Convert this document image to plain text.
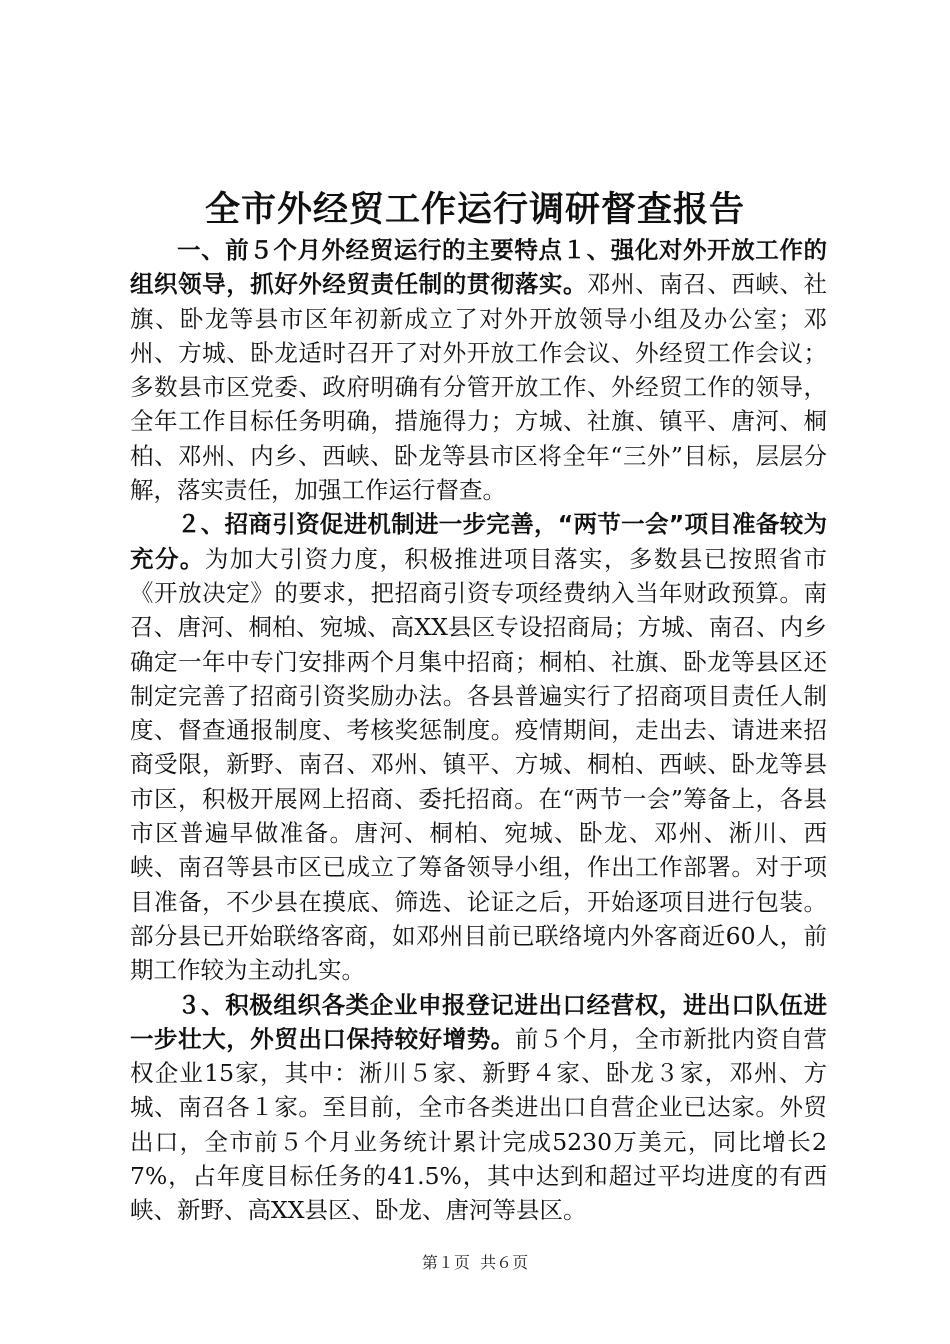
全市外经贸工作运行调研督查报告

一、前５个月外经贸运行的主要特点１、强化对外开放工作的组织领导，抓好外经贸责任制的贯彻落实。邓州、南召、西峡、社旗、卧龙等县市区年初新成立了对外开放领导小组及办公室；邓州、方城、卧龙适时召开了对外开放工作会议、外经贸工作会议；多数县市区党委、政府明确有分管开放工作、外经贸工作的领导，全年工作目标任务明确，措施得力；方城、社旗、镇平、唐河、桐柏、邓州、内乡、西峡、卧龙等县市区将全年“三外”目标，层层分解，落实责任，加强工作运行督查。

２、招商引资促进机制进一步完善，“两节一会”项目准备较为充分。为加大引资力度，积极推进项目落实，多数县已按照省市《开放决定》的要求，把招商引资专项经费纳入当年财政预算。南召、唐河、桐柏、宛城、高XX县区专设招商局；方城、南召、内乡确定一年中专门安排两个月集中招商；桐柏、社旗、卧龙等县区还制定完善了招商引资奖励办法。各县普遍实行了招商项目责任人制度、督查通报制度、考核奖惩制度。疫情期间，走出去、请进来招商受限，新野、南召、邓州、镇平、方城、桐柏、西峡、卧龙等县市区，积极开展网上招商、委托招商。在“两节一会”筹备上，各县市区普遍早做准备。唐河、桐柏、宛城、卧龙、邓州、淅川、西峡、南召等县市区已成立了筹备领导小组，作出工作部署。对于项目准备，不少县在摸底、筛选、论证之后，开始逐项目进行包装。部分县已开始联络客商，如邓州目前已联络境内外客商近60人，前期工作较为主动扎实。

３、积极组织各类企业申报登记进出口经营权，进出口队伍进一步壮大，外贸出口保持较好增势。前５个月，全市新批内资自营权企业15家，其中：淅川５家、新野４家、卧龙３家，邓州、方城、南召各１家。至目前，全市各类进出口自营企业已达家。外贸出口，全市前５个月业务统计累计完成5230万美元，同比增长27%，占年度目标任务的41.5%，其中达到和超过平均进度的有西峡、新野、高XX县区、卧龙、唐河等县区。

第１页 共６页
